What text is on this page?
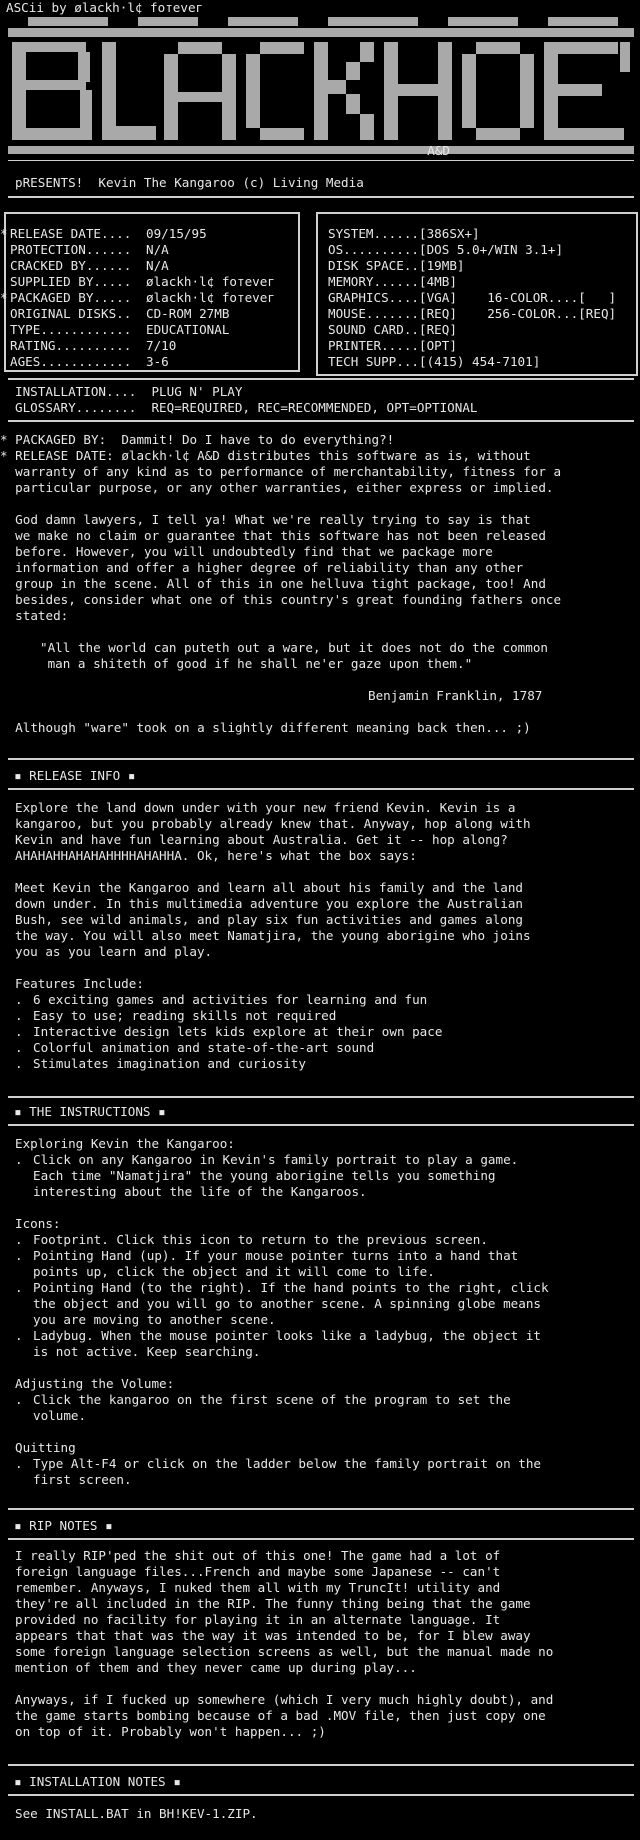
ASCii by ølackh·l¢ foтeveг
A&D
pRESENTS!  Kevin The Kangaroo (c) Living Media
* RELEASE DATE....	09/15/95
PROTECTION......	N/A
CRACKED BY......	N/A
SUPPLIED BY.....	ølackh·l¢ foтeveг
* PACKAGED BY.....	ølackh·l¢ foтeveг
ORIGINAL DISKS..	CD-ROM 27MB
TYPE............	EDUCATIONAL
RATING..........	7/10
AGES............	3-6
SYSTEM......[386SX+]
OS..........[DOS 5.0+/WIN 3.1+]
DISK SPACE..[19MB]
MEMORY......[4MB]
GRAPHICS....[VGA]    16-COLOR....[   ]
MOUSE.......[REQ]    256-COLOR...[REQ]
SOUND CARD..[REQ]
PRINTER.....[OPT]
TECH SUPP...[(415) 454-7101]
INSTALLATION....  PLUG N' PLAY
GLOSSARY........  REQ=REQUIRED, REC=RECOMMENDED, OPT=OPTIONAL
* PACKAGED BY:  Dammit! Do I have to do everything?!
* RELEASE DATE: ølackh·l¢ A&D distributes this software as is, without
warranty of any kind as to performance of merchantability, fitness for a
particular purpose, or any other warranties, either express or implied.
God damn lawyers, I tell ya! What we're really trying to say is that
we make no claim or guarantee that this software has not been released
before. However, you will undoubtedly find that we package more
information and offer a higher degree of reliability than any other
group in the scene. All of this in one helluva tight package, too! And
besides, consider what one of this country's great founding fathers once
stated:
"All the world can puteth out a ware, but it does not do the common
man a shiteth of good if he shall ne'er gaze upon them."
Benjamin Franklin, 1787
Although "ware" took on a slightly different meaning back then... ;)
▪ RELEASE INFO ▪
Explore the land down under with your new friend Kevin. Kevin is a
kangaroo, but you probably already knew that. Anyway, hop along with
Kevin and have fun learning about Australia. Get it -- hop along?
AHAHAHHAHAHAHHHHAHAHHA. Ok, here's what the box says:
Meet Kevin the Kangaroo and learn all about his family and the land
down under. In this multimedia adventure you explore the Australian
Bush, see wild animals, and play six fun activities and games along
the way. You will also meet Namatjira, the young aborigine who joins
you as you learn and play.
Features Include:
. 6 exciting games and activities for learning and fun
. Easy to use; reading skills not required
. Interactive design lets kids explore at their own pace
. Colorful animation and state-of-the-art sound
. Stimulates imagination and curiosity
▪ THE INSTRUCTIONS ▪
Exploring Kevin the Kangaroo:
. Click on any Kangaroo in Kevin's family portrait to play a game.
Each time "Namatjira" the young aborigine tells you something
interesting about the life of the Kangaroos.
Icons:
. Footprint. Click this icon to return to the previous screen.
. Pointing Hand (up). If your mouse pointer turns into a hand that
points up, click the object and it will come to life.
. Pointing Hand (to the right). If the hand points to the right, click
the object and you will go to another scene. A spinning globe means
you are moving to another scene.
. Ladybug. When the mouse pointer looks like a ladybug, the object it
is not active. Keep searching.
Adjusting the Volume:
. Click the kangaroo on the first scene of the program to set the
volume.
Quitting
. Type Alt-F4 or click on the ladder below the family portrait on the
first screen.
▪ RIP NOTES ▪
I really RIP'ped the shit out of this one! The game had a lot of
foreign language files...French and maybe some Japanese -- can't
remember. Anyways, I nuked them all with my TruncIt! utility and
they're all included in the RIP. The funny thing being that the game
provided no facility for playing it in an alternate language. It
appears that that was the way it was intended to be, for I blew away
some foreign language selection screens as well, but the manual made no
mention of them and they never came up during play...
Anyways, if I fucked up somewhere (which I very much highly doubt), and
the game starts bombing because of a bad .MOV file, then just copy one
on top of it. Probably won't happen... ;)
▪ INSTALLATION NOTES ▪
See INSTALL.BAT in BH!KEV-1.ZIP.
